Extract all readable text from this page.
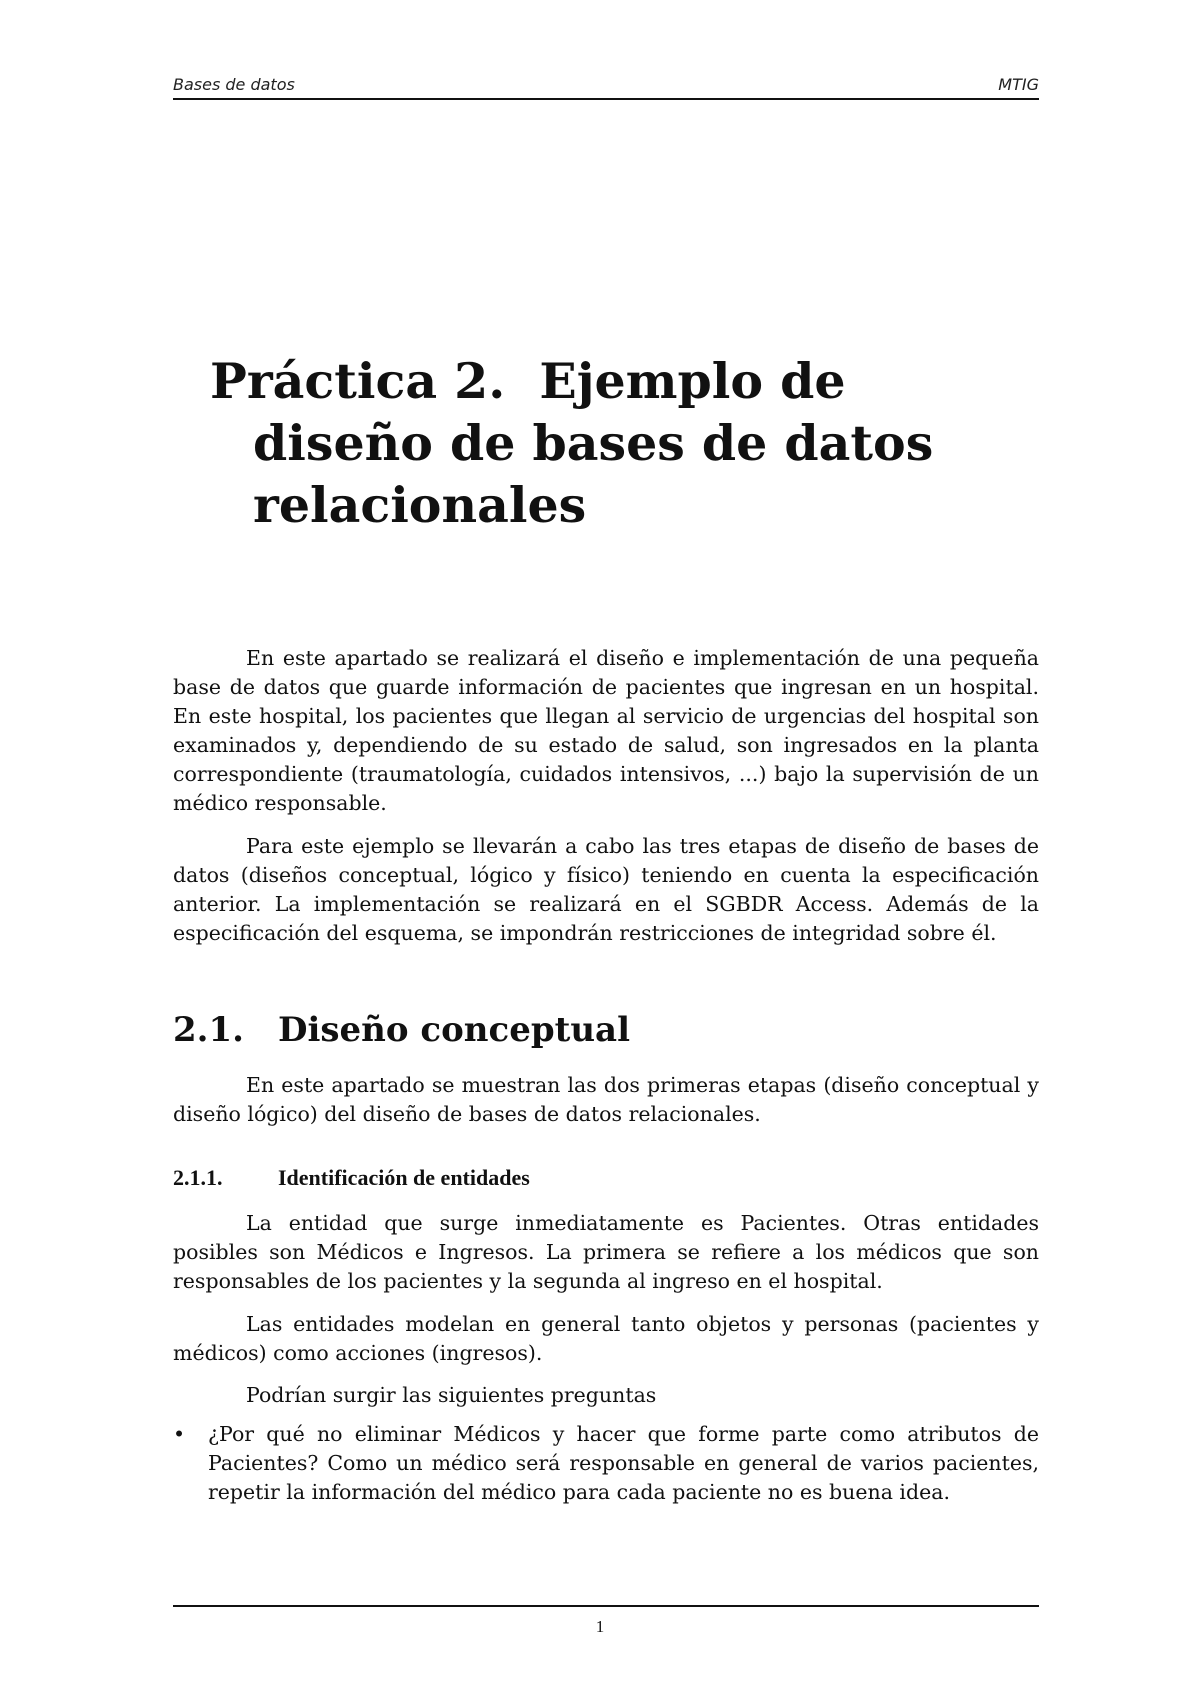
Bases de datos	MTIG
Práctica 2.  Ejemplo de
diseño de bases de datos
relacionales

En este apartado se realizará el diseño e implementación de una pequeña base de datos que guarde información de pacientes que ingresan en un hospital. En este hospital, los pacientes que llegan al servicio de urgencias del hospital son examinados y, dependiendo de su estado de salud, son ingresados en la planta correspondiente (traumatología, cuidados intensivos, ...) bajo la supervisión de un médico responsable.

Para este ejemplo se llevarán a cabo las tres etapas de diseño de bases de datos (diseños conceptual, lógico y físico) teniendo en cuenta la especificación anterior. La implementación se realizará en el SGBDR Access. Además de la especificación del esquema, se impondrán restricciones de integridad sobre él.

2.1. Diseño conceptual

En este apartado se muestran las dos primeras etapas (diseño conceptual y diseño lógico) del diseño de bases de datos relacionales.

2.1.1.	Identificación de entidades

La entidad que surge inmediatamente es Pacientes. Otras entidades posibles son Médicos e Ingresos. La primera se refiere a los médicos que son responsables de los pacientes y la segunda al ingreso en el hospital.

Las entidades modelan en general tanto objetos y personas (pacientes y médicos) como acciones (ingresos).

Podrían surgir las siguientes preguntas

•	¿Por qué no eliminar Médicos y hacer que forme parte como atributos de Pacientes? Como un médico será responsable en general de varios pacientes, repetir la información del médico para cada paciente no es buena idea.
1
